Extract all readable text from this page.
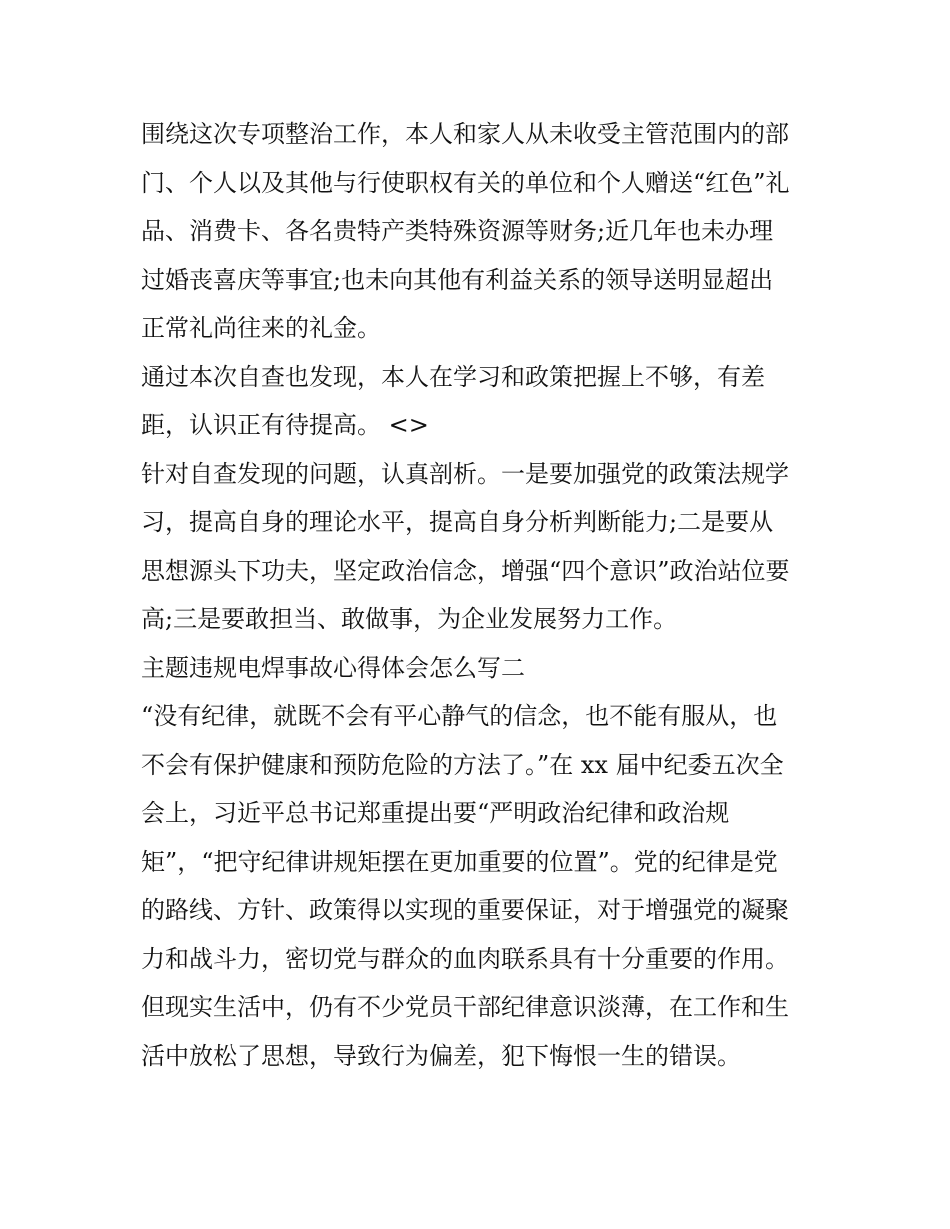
围绕这次专项整治工作，本人和家人从未收受主管范围内的部
门、个人以及其他与行使职权有关的单位和个人赠送“红色”礼
品、消费卡、各名贵特产类特殊资源等财务;近几年也未办理
过婚丧喜庆等事宜;也未向其他有利益关系的领导送明显超出
正常礼尚往来的礼金。

通过本次自查也发现，本人在学习和政策把握上不够，有差
距，认识正有待提高。 <>

针对自查发现的问题，认真剖析。一是要加强党的政策法规学
习，提高自身的理论水平，提高自身分析判断能力;二是要从
思想源头下功夫，坚定政治信念，增强“四个意识”政治站位要
高;三是要敢担当、敢做事，为企业发展努力工作。

主题违规电焊事故心得体会怎么写二

“没有纪律，就既不会有平心静气的信念，也不能有服从，也
不会有保护健康和预防危险的方法了。”在 xx 届中纪委五次全
会上，习近平总书记郑重提出要“严明政治纪律和政治规
矩”，“把守纪律讲规矩摆在更加重要的位置”。党的纪律是党
的路线、方针、政策得以实现的重要保证，对于增强党的凝聚
力和战斗力，密切党与群众的血肉联系具有十分重要的作用。
但现实生活中，仍有不少党员干部纪律意识淡薄，在工作和生
活中放松了思想，导致行为偏差，犯下悔恨一生的错误。
